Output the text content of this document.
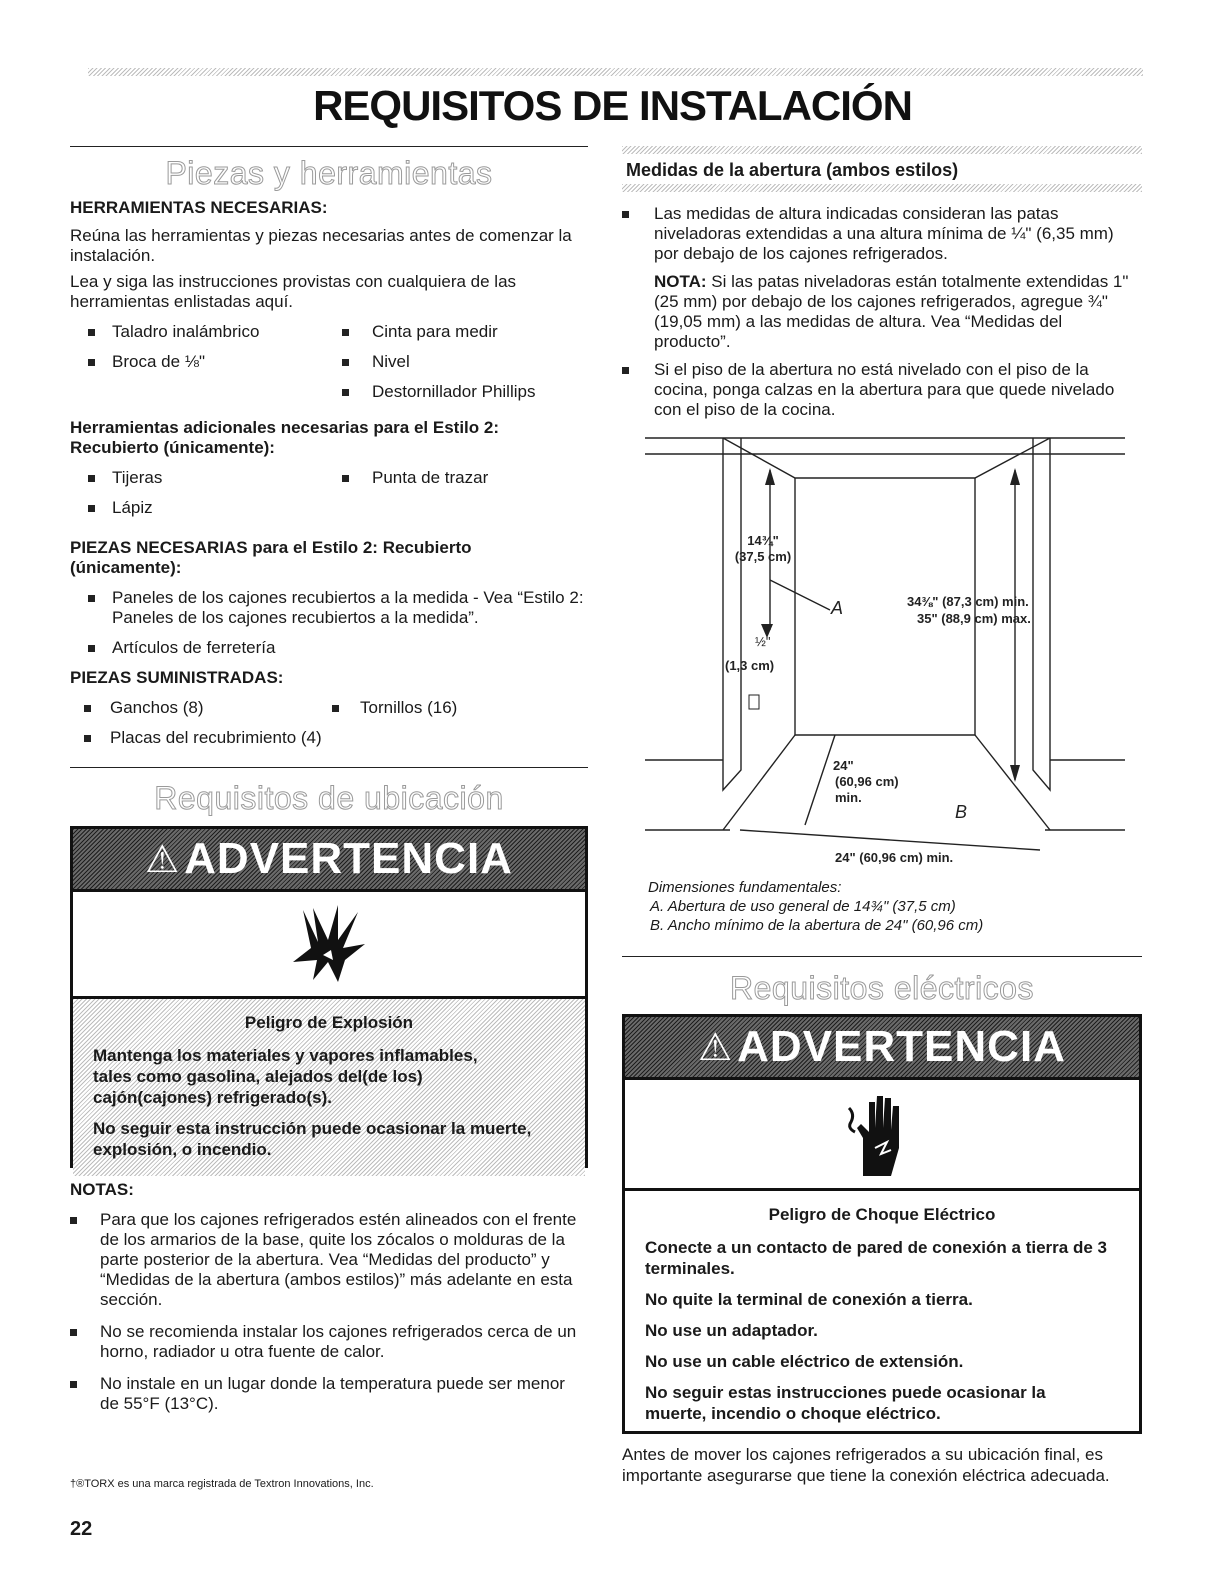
REQUISITOS DE INSTALACIÓN
Piezas y herramientas
HERRAMIENTAS NECESARIAS:

Reúna las herramientas y piezas necesarias antes de comenzar la instalación.

Lea y siga las instrucciones provistas con cualquiera de las herramientas enlistadas aquí.

Taladro inalámbrico
Broca de ⅛"
Cinta para medir
Nivel
Destornillador Phillips
Herramientas adicionales necesarias para el Estilo 2: Recubierto (únicamente):
Tijeras
Lápiz
Punta de trazar
PIEZAS NECESARIAS para el Estilo 2: Recubierto (únicamente):
Paneles de los cajones recubiertos a la medida - Vea “Estilo 2: Paneles de los cajones recubiertos a la medida”.
Artículos de ferretería
PIEZAS SUMINISTRADAS:
Ganchos (8)
Placas del recubrimiento (4)
Tornillos (16)
Requisitos de ubicación
⚠ ADVERTENCIA
Peligro de Explosión
Mantenga los materiales y vapores inflamables, tales como gasolina, alejados del(de los) cajón(cajones) refrigerado(s).
No seguir esta instrucción puede ocasionar la muerte, explosión, o incendio.
NOTAS:
Para que los cajones refrigerados estén alineados con el frente de los armarios de la base, quite los zócalos o molduras de la parte posterior de la abertura. Vea “Medidas del producto” y “Medidas de la abertura (ambos estilos)” más adelante en esta sección.
No se recomienda instalar los cajones refrigerados cerca de un horno, radiador u otra fuente de calor.
No instale en un lugar donde la temperatura puede ser menor de 55°F (13°C).
†®TORX es una marca registrada de Textron Innovations, Inc.
22
Medidas de la abertura (ambos estilos)
Las medidas de altura indicadas consideran las patas niveladoras extendidas a una altura mínima de ¼" (6,35 mm) por debajo de los cajones refrigerados.

NOTA: Si las patas niveladoras están totalmente extendidas 1" (25 mm) por debajo de los cajones refrigerados, agregue ¾" (19,05 mm) a las medidas de altura. Vea “Medidas del producto”.

Si el piso de la abertura no está nivelado con el piso de la cocina, ponga calzas en la abertura para que quede nivelado con el piso de la cocina.
14¾"
(37,5 cm)
A	34⅜" (87,3 cm) min.
35" (88,9 cm) max.
½"
(1,3 cm)
24"
(60,96 cm)
min.
B
24" (60,96 cm) min.
Dimensiones fundamentales:
A. Abertura de uso general de 14¾" (37,5 cm)
B. Ancho mínimo de la abertura de 24" (60,96 cm)
Requisitos eléctricos
⚠ ADVERTENCIA
Peligro de Choque Eléctrico
Conecte a un contacto de pared de conexión a tierra de 3 terminales.
No quite la terminal de conexión a tierra.
No use un adaptador.
No use un cable eléctrico de extensión.
No seguir estas instrucciones puede ocasionar la muerte, incendio o choque eléctrico.

Antes de mover los cajones refrigerados a su ubicación final, es importante asegurarse que tiene la conexión eléctrica adecuada.
